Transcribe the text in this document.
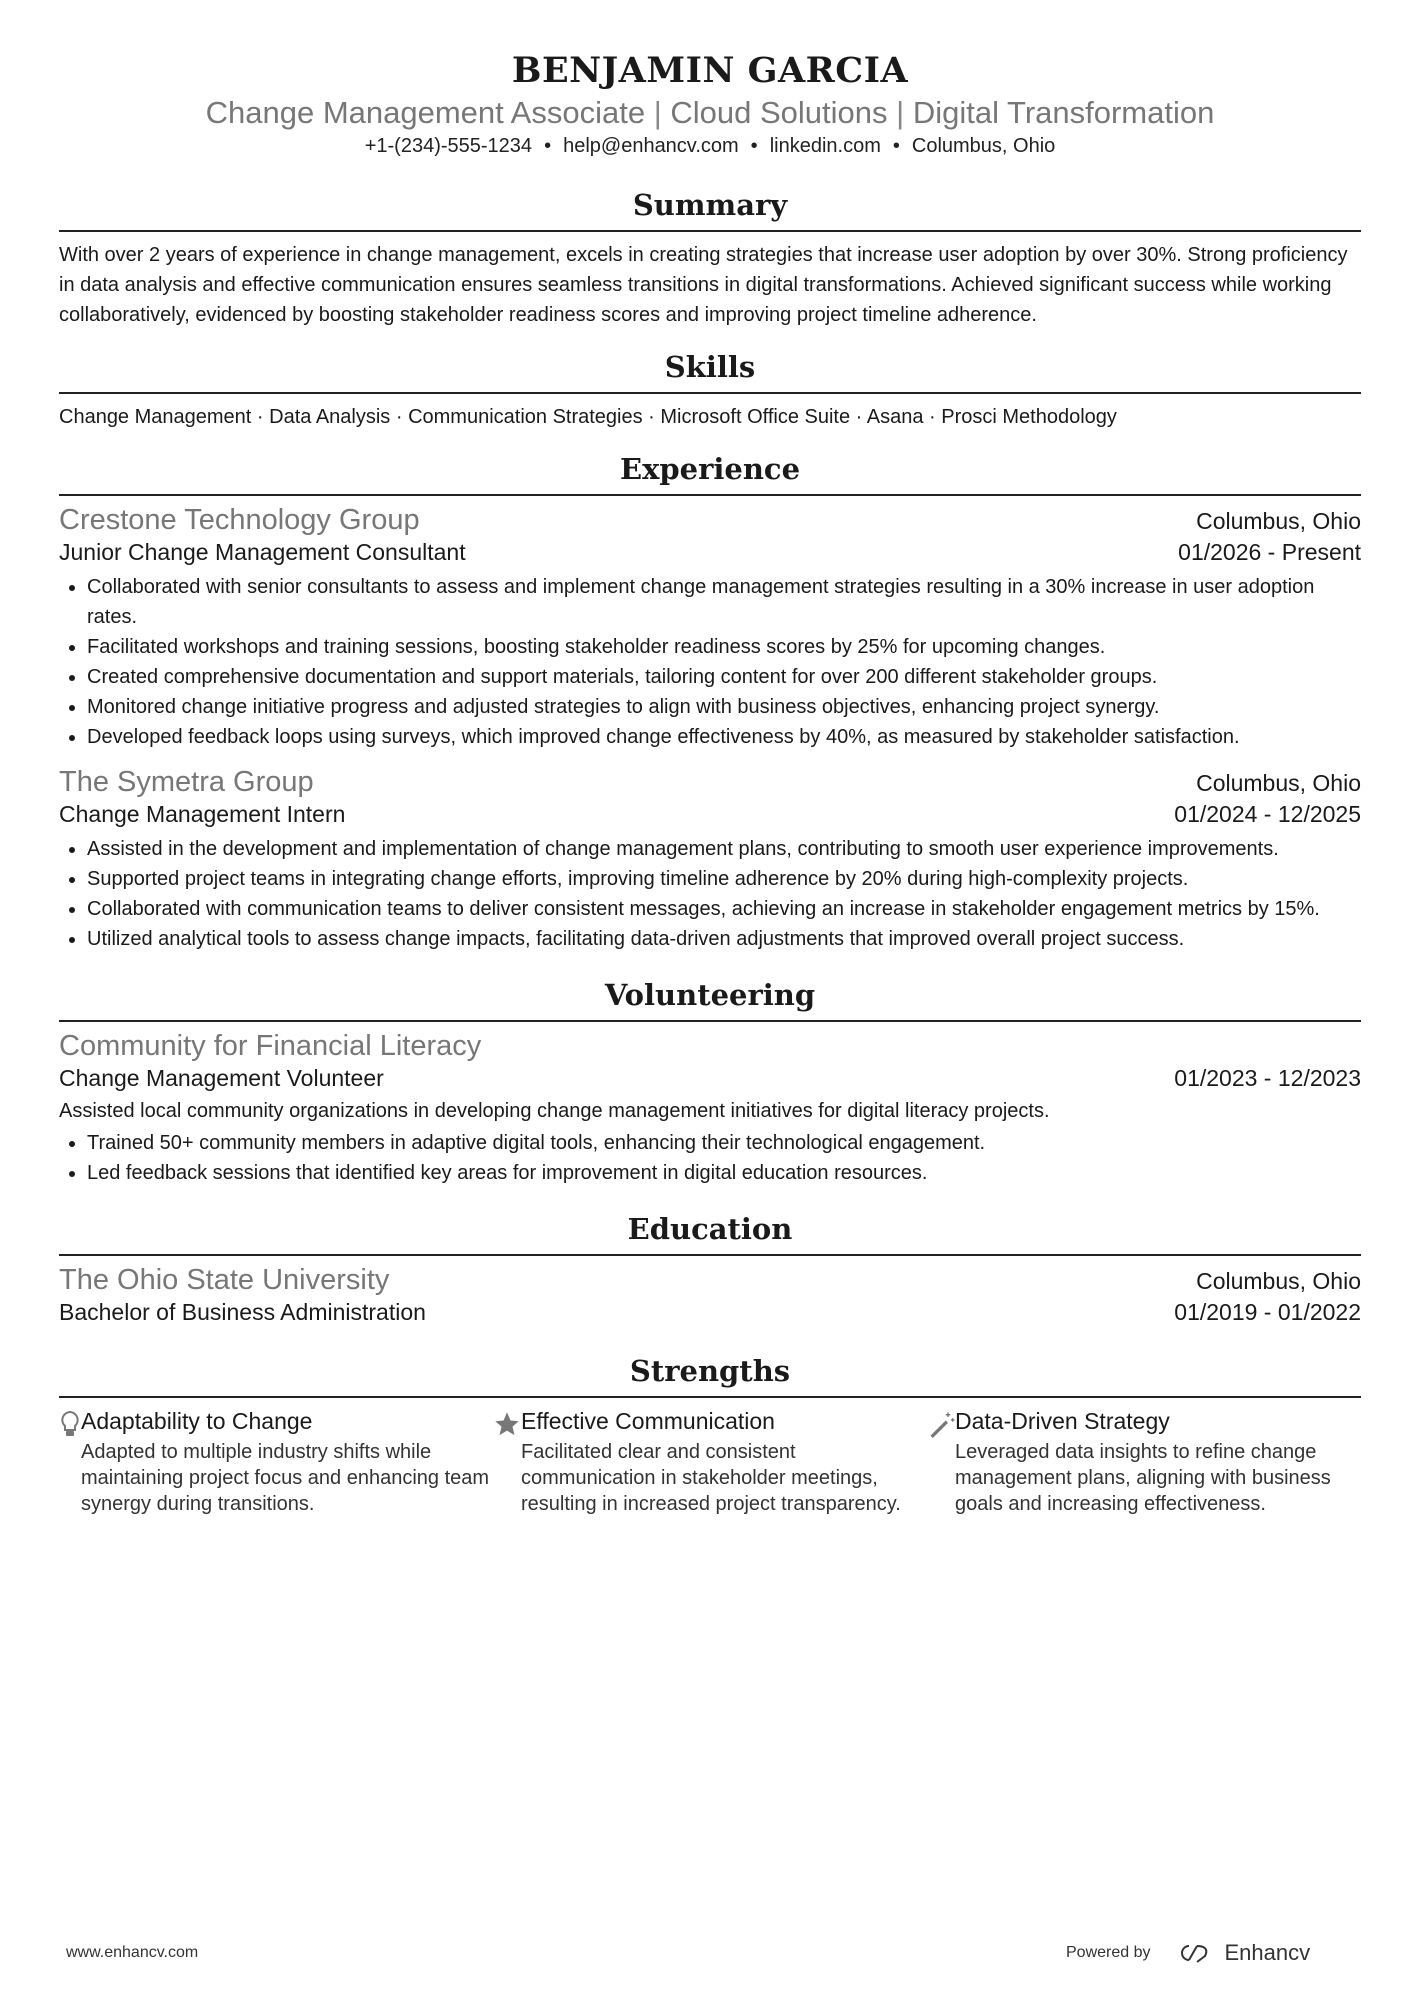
BENJAMIN GARCIA
Change Management Associate | Cloud Solutions | Digital Transformation
+1-(234)-555-1234 • help@enhancv.com • linkedin.com • Columbus, Ohio
Summary
With over 2 years of experience in change management, excels in creating strategies that increase user adoption by over 30%. Strong proficiency in data analysis and effective communication ensures seamless transitions in digital transformations. Achieved significant success while working collaboratively, evidenced by boosting stakeholder readiness scores and improving project timeline adherence.
Skills
Change Management · Data Analysis · Communication Strategies · Microsoft Office Suite · Asana · Prosci Methodology
Experience
Crestone Technology Group	Columbus, Ohio
Junior Change Management Consultant	01/2026 - Present
• Collaborated with senior consultants to assess and implement change management strategies resulting in a 30% increase in user adoption rates.
• Facilitated workshops and training sessions, boosting stakeholder readiness scores by 25% for upcoming changes.
• Created comprehensive documentation and support materials, tailoring content for over 200 different stakeholder groups.
• Monitored change initiative progress and adjusted strategies to align with business objectives, enhancing project synergy.
• Developed feedback loops using surveys, which improved change effectiveness by 40%, as measured by stakeholder satisfaction.
The Symetra Group	Columbus, Ohio
Change Management Intern	01/2024 - 12/2025
• Assisted in the development and implementation of change management plans, contributing to smooth user experience improvements.
• Supported project teams in integrating change efforts, improving timeline adherence by 20% during high-complexity projects.
• Collaborated with communication teams to deliver consistent messages, achieving an increase in stakeholder engagement metrics by 15%.
• Utilized analytical tools to assess change impacts, facilitating data-driven adjustments that improved overall project success.
Volunteering
Community for Financial Literacy
Change Management Volunteer	01/2023 - 12/2023
Assisted local community organizations in developing change management initiatives for digital literacy projects.
• Trained 50+ community members in adaptive digital tools, enhancing their technological engagement.
• Led feedback sessions that identified key areas for improvement in digital education resources.
Education
The Ohio State University	Columbus, Ohio
Bachelor of Business Administration	01/2019 - 01/2022
Strengths
Adaptability to Change
Adapted to multiple industry shifts while maintaining project focus and enhancing team synergy during transitions.
Effective Communication
Facilitated clear and consistent communication in stakeholder meetings, resulting in increased project transparency.
Data-Driven Strategy
Leveraged data insights to refine change management plans, aligning with business goals and increasing effectiveness.
www.enhancv.com	Powered by	Enhancv
